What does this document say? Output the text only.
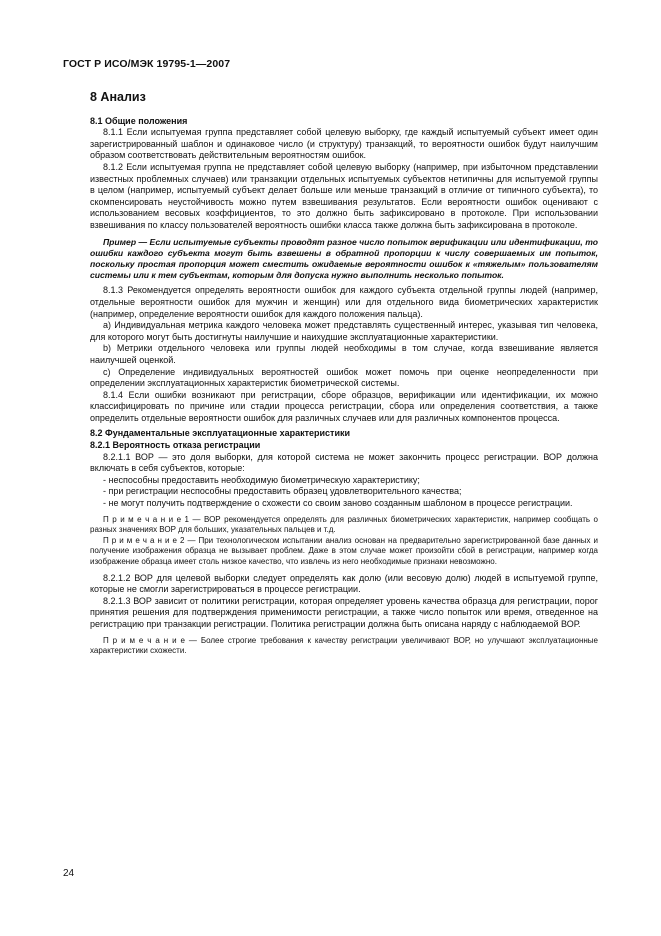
ГОСТ Р ИСО/МЭК 19795-1—2007

8 Анализ

8.1 Общие положения

8.1.1 Если испытуемая группа представляет собой целевую выборку, где каждый испытуемый субъект имеет один зарегистрированный шаблон и одинаковое число (и структуру) транзакций, то вероятности ошибок будут наилучшим образом соответствовать действительным вероятностям ошибок.

8.1.2 Если испытуемая группа не представляет собой целевую выборку (например, при избыточном представлении известных проблемных случаев) или транзакции отдельных испытуемых субъектов нетипичны для испытуемой группы в целом (например, испытуемый субъект делает больше или меньше транзакций в отличие от типичного субъекта), то скомпенсировать неустойчивость можно путем взвешивания результатов. Если вероятности ошибок оценивают с использованием весовых коэффициентов, то это должно быть зафиксировано в протоколе. При использовании взвешивания по классу пользователей вероятность ошибки класса также должна быть зафиксирована в протоколе.

Пример — Если испытуемые субъекты проводят разное число попыток верификации или идентификации, то ошибки каждого субъекта могут быть взвешены в обратной пропорции к числу совершаемых им попыток, поскольку простая пропорция может сместить ожидаемые вероятности ошибок к «тяжелым» пользователям системы или к тем субъектам, которым для допуска нужно выполнить несколько попыток.

8.1.3 Рекомендуется определять вероятности ошибок для каждого субъекта отдельной группы людей (например, отдельные вероятности ошибок для мужчин и женщин) или для отдельного вида биометрических характеристик (например, определение вероятности ошибок для каждого положения пальца).

a) Индивидуальная метрика каждого человека может представлять существенный интерес, указывая тип человека, для которого могут быть достигнуты наилучшие и наихудшие эксплуатационные характеристики.

b) Метрики отдельного человека или группы людей необходимы в том случае, когда взвешивание является наилучшей оценкой.

c) Определение индивидуальных вероятностей ошибок может помочь при оценке неопределенности при определении эксплуатационных характеристик биометрической системы.

8.1.4 Если ошибки возникают при регистрации, сборе образцов, верификации или идентификации, их можно классифицировать по причине или стадии процесса регистрации, сбора или определения соответствия, а также определить отдельные вероятности ошибок для различных случаев или для различных компонентов процесса.

8.2 Фундаментальные эксплуатационные характеристики

8.2.1 Вероятность отказа регистрации

8.2.1.1 ВОР — это доля выборки, для которой система не может закончить процесс регистрации. ВОР должна включать в себя субъектов, которые:

- неспособны предоставить необходимую биометрическую характеристику;

- при регистрации неспособны предоставить образец удовлетворительного качества;

- не могут получить подтверждение о схожести со своим заново созданным шаблоном в процессе регистрации.

П р и м е ч а н и е 1 — ВОР рекомендуется определять для различных биометрических характеристик, например сообщать о разных значениях ВОР для больших, указательных пальцев и т.д.

П р и м е ч а н и е 2 — При технологическом испытании анализ основан на предварительно зарегистрированной базе данных и получение изображения образца не вызывает проблем. Даже в этом случае может произойти сбой в регистрации, например когда изображение образца имеет столь низкое качество, что извлечь из него необходимые признаки невозможно.

8.2.1.2 ВОР для целевой выборки следует определять как долю (или весовую долю) людей в испытуемой группе, которые не смогли зарегистрироваться в процессе регистрации.

8.2.1.3 ВОР зависит от политики регистрации, которая определяет уровень качества образца для регистрации, порог принятия решения для подтверждения применимости регистрации, а также число попыток или время, отведенное на регистрацию при транзакции регистрации. Политика регистрации должна быть описана наряду с наблюдаемой ВОР.

П р и м е ч а н и е — Более строгие требования к качеству регистрации увеличивают ВОР, но улучшают эксплуатационные характеристики схожести.

24
